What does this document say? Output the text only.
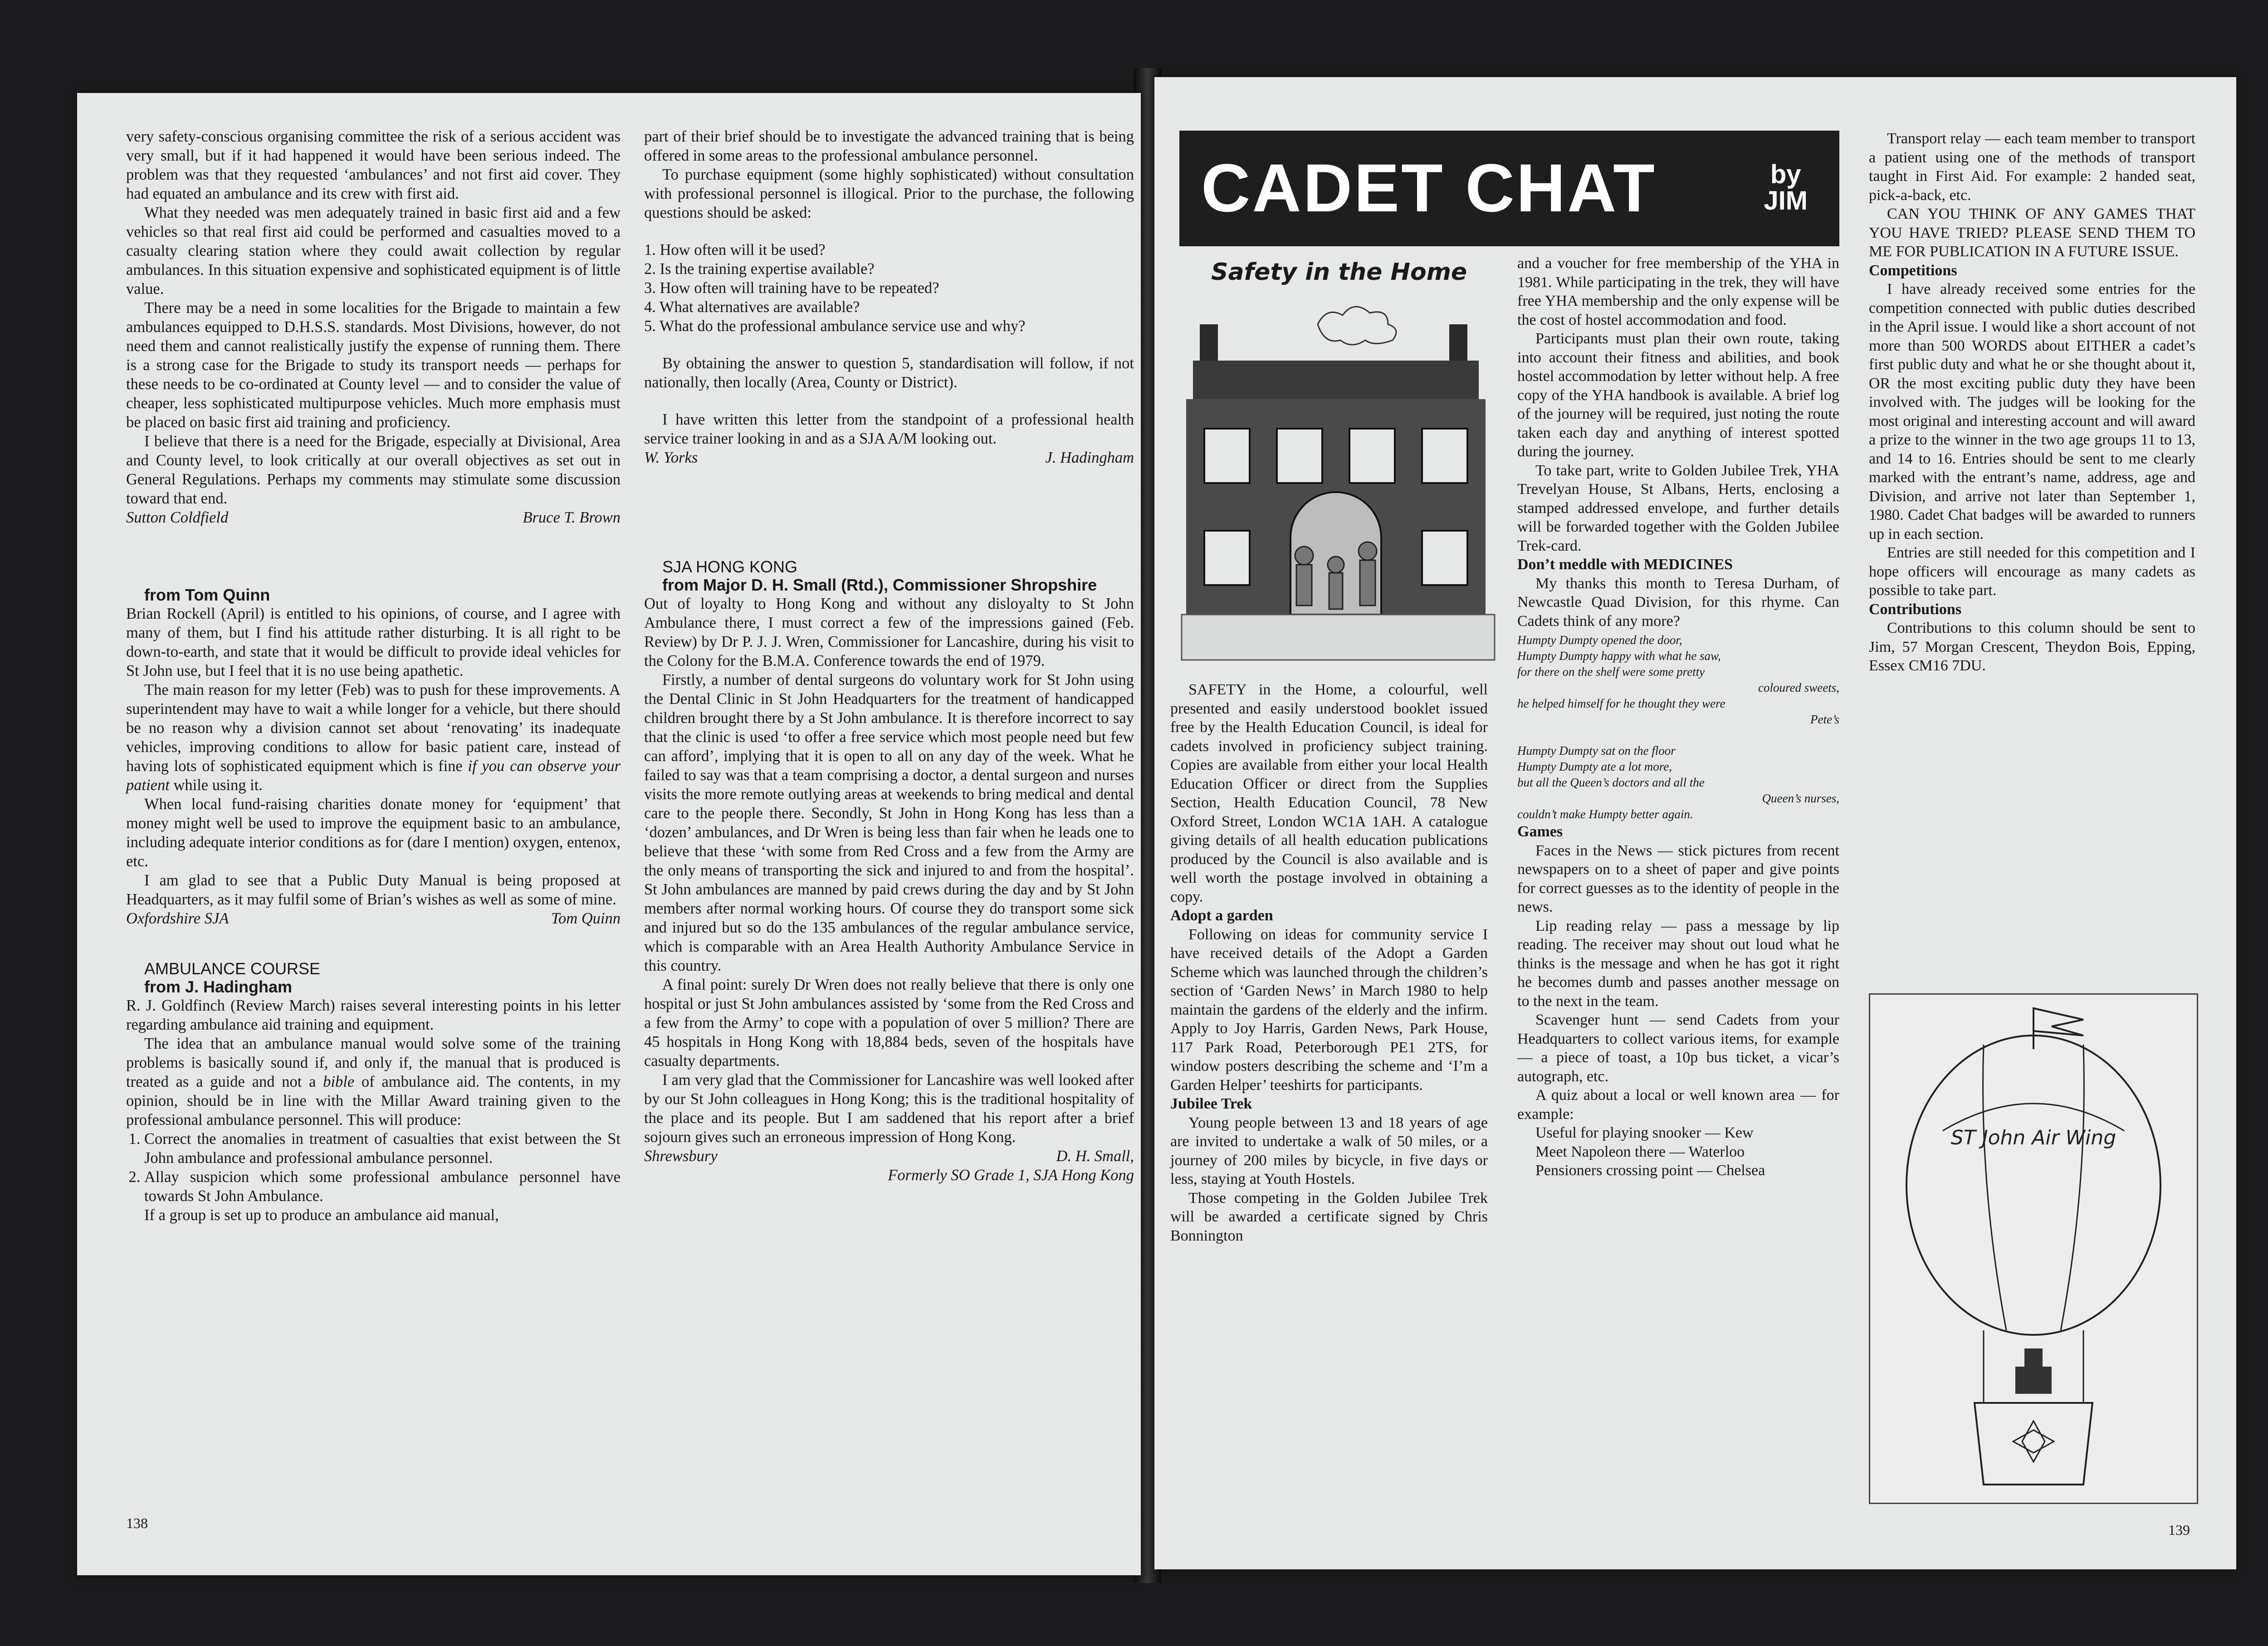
very safety-conscious organising committee the risk of a serious accident was very small, but if it had happened it would have been serious indeed. The problem was that they requested ‘ambulances’ and not first aid cover. They had equated an ambulance and its crew with first aid.

What they needed was men adequately trained in basic first aid and a few vehicles so that real first aid could be performed and casualties moved to a casualty clearing station where they could await collection by regular ambulances. In this situation expensive and sophisticated equipment is of little value.

There may be a need in some localities for the Brigade to maintain a few ambulances equipped to D.H.S.S. standards. Most Divisions, however, do not need them and cannot realistically justify the expense of running them. There is a strong case for the Brigade to study its transport needs — perhaps for these needs to be co-ordinated at County level — and to consider the value of cheaper, less sophisticated multipurpose vehicles. Much more emphasis must be placed on basic first aid training and proficiency.

I believe that there is a need for the Brigade, especially at Divisional, Area and County level, to look critically at our overall objectives as set out in General Regulations. Perhaps my comments may stimulate some discussion toward that end.

Sutton Coldfield	Bruce T. Brown

from Tom Quinn

Brian Rockell (April) is entitled to his opinions, of course, and I agree with many of them, but I find his attitude rather disturbing. It is all right to be down-to-earth, and state that it would be difficult to provide ideal vehicles for St John use, but I feel that it is no use being apathetic.

The main reason for my letter (Feb) was to push for these improvements. A superintendent may have to wait a while longer for a vehicle, but there should be no reason why a division cannot set about ‘renovating’ its inadequate vehicles, improving conditions to allow for basic patient care, instead of having lots of sophisticated equipment which is fine if you can observe your patient while using it.

When local fund-raising charities donate money for ‘equipment’ that money might well be used to improve the equipment basic to an ambulance, including adequate interior conditions as for (dare I mention) oxygen, entenox, etc.

I am glad to see that a Public Duty Manual is being proposed at Headquarters, as it may fulfil some of Brian’s wishes as well as some of mine.

Oxfordshire SJA	Tom Quinn

AMBULANCE COURSE

from J. Hadingham

R. J. Goldfinch (Review March) raises several interesting points in his letter regarding ambulance aid training and equipment.

The idea that an ambulance manual would solve some of the training problems is basically sound if, and only if, the manual that is produced is treated as a guide and not a bible of ambulance aid. The contents, in my opinion, should be in line with the Millar Award training given to the professional ambulance personnel. This will produce:

1. Correct the anomalies in treatment of casualties that exist between the St John ambulance and professional ambulance personnel.
2. Allay suspicion which some professional ambulance personnel have towards St John Ambulance.

If a group is set up to produce an ambulance aid manual,

part of their brief should be to investigate the advanced training that is being offered in some areas to the professional ambulance personnel.

To purchase equipment (some highly sophisticated) without consultation with professional personnel is illogical. Prior to the purchase, the following questions should be asked:

1. How often will it be used?
2. Is the training expertise available?
3. How often will training have to be repeated?
4. What alternatives are available?
5. What do the professional ambulance service use and why?

By obtaining the answer to question 5, standardisation will follow, if not nationally, then locally (Area, County or District).

I have written this letter from the standpoint of a professional health service trainer looking in and as a SJA A/M looking out.

W. Yorks	J. Hadingham

SJA HONG KONG

from Major D. H. Small (Rtd.), Commissioner Shropshire

Out of loyalty to Hong Kong and without any disloyalty to St John Ambulance there, I must correct a few of the impressions gained (Feb. Review) by Dr P. J. J. Wren, Commissioner for Lancashire, during his visit to the Colony for the B.M.A. Conference towards the end of 1979.

Firstly, a number of dental surgeons do voluntary work for St John using the Dental Clinic in St John Headquarters for the treatment of handicapped children brought there by a St John ambulance. It is therefore incorrect to say that the clinic is used ‘to offer a free service which most people need but few can afford’, implying that it is open to all on any day of the week. What he failed to say was that a team comprising a doctor, a dental surgeon and nurses visits the more remote outlying areas at weekends to bring medical and dental care to the people there. Secondly, St John in Hong Kong has less than a ‘dozen’ ambulances, and Dr Wren is being less than fair when he leads one to believe that these ‘with some from Red Cross and a few from the Army are the only means of transporting the sick and injured to and from the hospital’. St John ambulances are manned by paid crews during the day and by St John members after normal working hours. Of course they do transport some sick and injured but so do the 135 ambulances of the regular ambulance service, which is comparable with an Area Health Authority Ambulance Service in this country.

A final point: surely Dr Wren does not really believe that there is only one hospital or just St John ambulances assisted by ‘some from the Red Cross and a few from the Army’ to cope with a population of over 5 million? There are 45 hospitals in Hong Kong with 18,884 beds, seven of the hospitals have casualty departments.

I am very glad that the Commissioner for Lancashire was well looked after by our St John colleagues in Hong Kong; this is the traditional hospitality of the place and its people. But I am saddened that his report after a brief sojourn gives such an erroneous impression of Hong Kong.

Shrewsbury	D. H. Small,
Formerly SO Grade 1, SJA Hong Kong
138
CADET CHAT	by
JIM
Safety in the Home

SAFETY in the Home, a colourful, well presented and easily understood booklet issued free by the Health Education Council, is ideal for cadets involved in proficiency subject training. Copies are available from either your local Health Education Officer or direct from the Supplies Section, Health Education Council, 78 New Oxford Street, London WC1A 1AH. A catalogue giving details of all health education publications produced by the Council is also available and is well worth the postage involved in obtaining a copy.

Adopt a garden

Following on ideas for community service I have received details of the Adopt a Garden Scheme which was launched through the children’s section of ‘Garden News’ in March 1980 to help maintain the gardens of the elderly and the infirm. Apply to Joy Harris, Garden News, Park House, 117 Park Road, Peterborough PE1 2TS, for window posters describing the scheme and ‘I’m a Garden Helper’ teeshirts for participants.

Jubilee Trek

Young people between 13 and 18 years of age are invited to undertake a walk of 50 miles, or a journey of 200 miles by bicycle, in five days or less, staying at Youth Hostels.

Those competing in the Golden Jubilee Trek will be awarded a certificate signed by Chris Bonnington

and a voucher for free membership of the YHA in 1981. While participating in the trek, they will have free YHA membership and the only expense will be the cost of hostel accommodation and food.

Participants must plan their own route, taking into account their fitness and abilities, and book hostel accommodation by letter without help. A free copy of the YHA handbook is available. A brief log of the journey will be required, just noting the route taken each day and anything of interest spotted during the journey.

To take part, write to Golden Jubilee Trek, YHA Trevelyan House, St Albans, Herts, enclosing a stamped addressed envelope, and further details will be forwarded together with the Golden Jubilee Trek-card.

Don’t meddle with MEDICINES

My thanks this month to Teresa Durham, of Newcastle Quad Division, for this rhyme. Can Cadets think of any more?

Humpty Dumpty opened the door,
Humpty Dumpty happy with what he saw,
for there on the shelf were some pretty
coloured sweets,
he helped himself for he thought they were
Pete’s
Humpty Dumpty sat on the floor
Humpty Dumpty ate a lot more,
but all the Queen’s doctors and all the
Queen’s nurses,
couldn’t make Humpty better again.

Games

Faces in the News — stick pictures from recent newspapers on to a sheet of paper and give points for correct guesses as to the identity of people in the news.

Lip reading relay — pass a message by lip reading. The receiver may shout out loud what he thinks is the message and when he has got it right he becomes dumb and passes another message on to the next in the team.

Scavenger hunt — send Cadets from your Headquarters to collect various items, for example — a piece of toast, a 10p bus ticket, a vicar’s autograph, etc.

A quiz about a local or well known area — for example:

Useful for playing snooker — Kew

Meet Napoleon there — Waterloo

Pensioners crossing point — Chelsea

Transport relay — each team member to transport a patient using one of the methods of transport taught in First Aid. For example: 2 handed seat, pick-a-back, etc.

CAN YOU THINK OF ANY GAMES THAT YOU HAVE TRIED? PLEASE SEND THEM TO ME FOR PUBLICATION IN A FUTURE ISSUE.

Competitions

I have already received some entries for the competition connected with public duties described in the April issue. I would like a short account of not more than 500 WORDS about EITHER a cadet’s first public duty and what he or she thought about it, OR the most exciting public duty they have been involved with. The judges will be looking for the most original and interesting account and will award a prize to the winner in the two age groups 11 to 13, and 14 to 16. Entries should be sent to me clearly marked with the entrant’s name, address, age and Division, and arrive not later than September 1, 1980. Cadet Chat badges will be awarded to runners up in each section.

Entries are still needed for this competition and I hope officers will encourage as many cadets as possible to take part.

Contributions

Contributions to this column should be sent to Jim, 57 Morgan Crescent, Theydon Bois, Epping, Essex CM16 7DU.

ST John Air Wing
139
